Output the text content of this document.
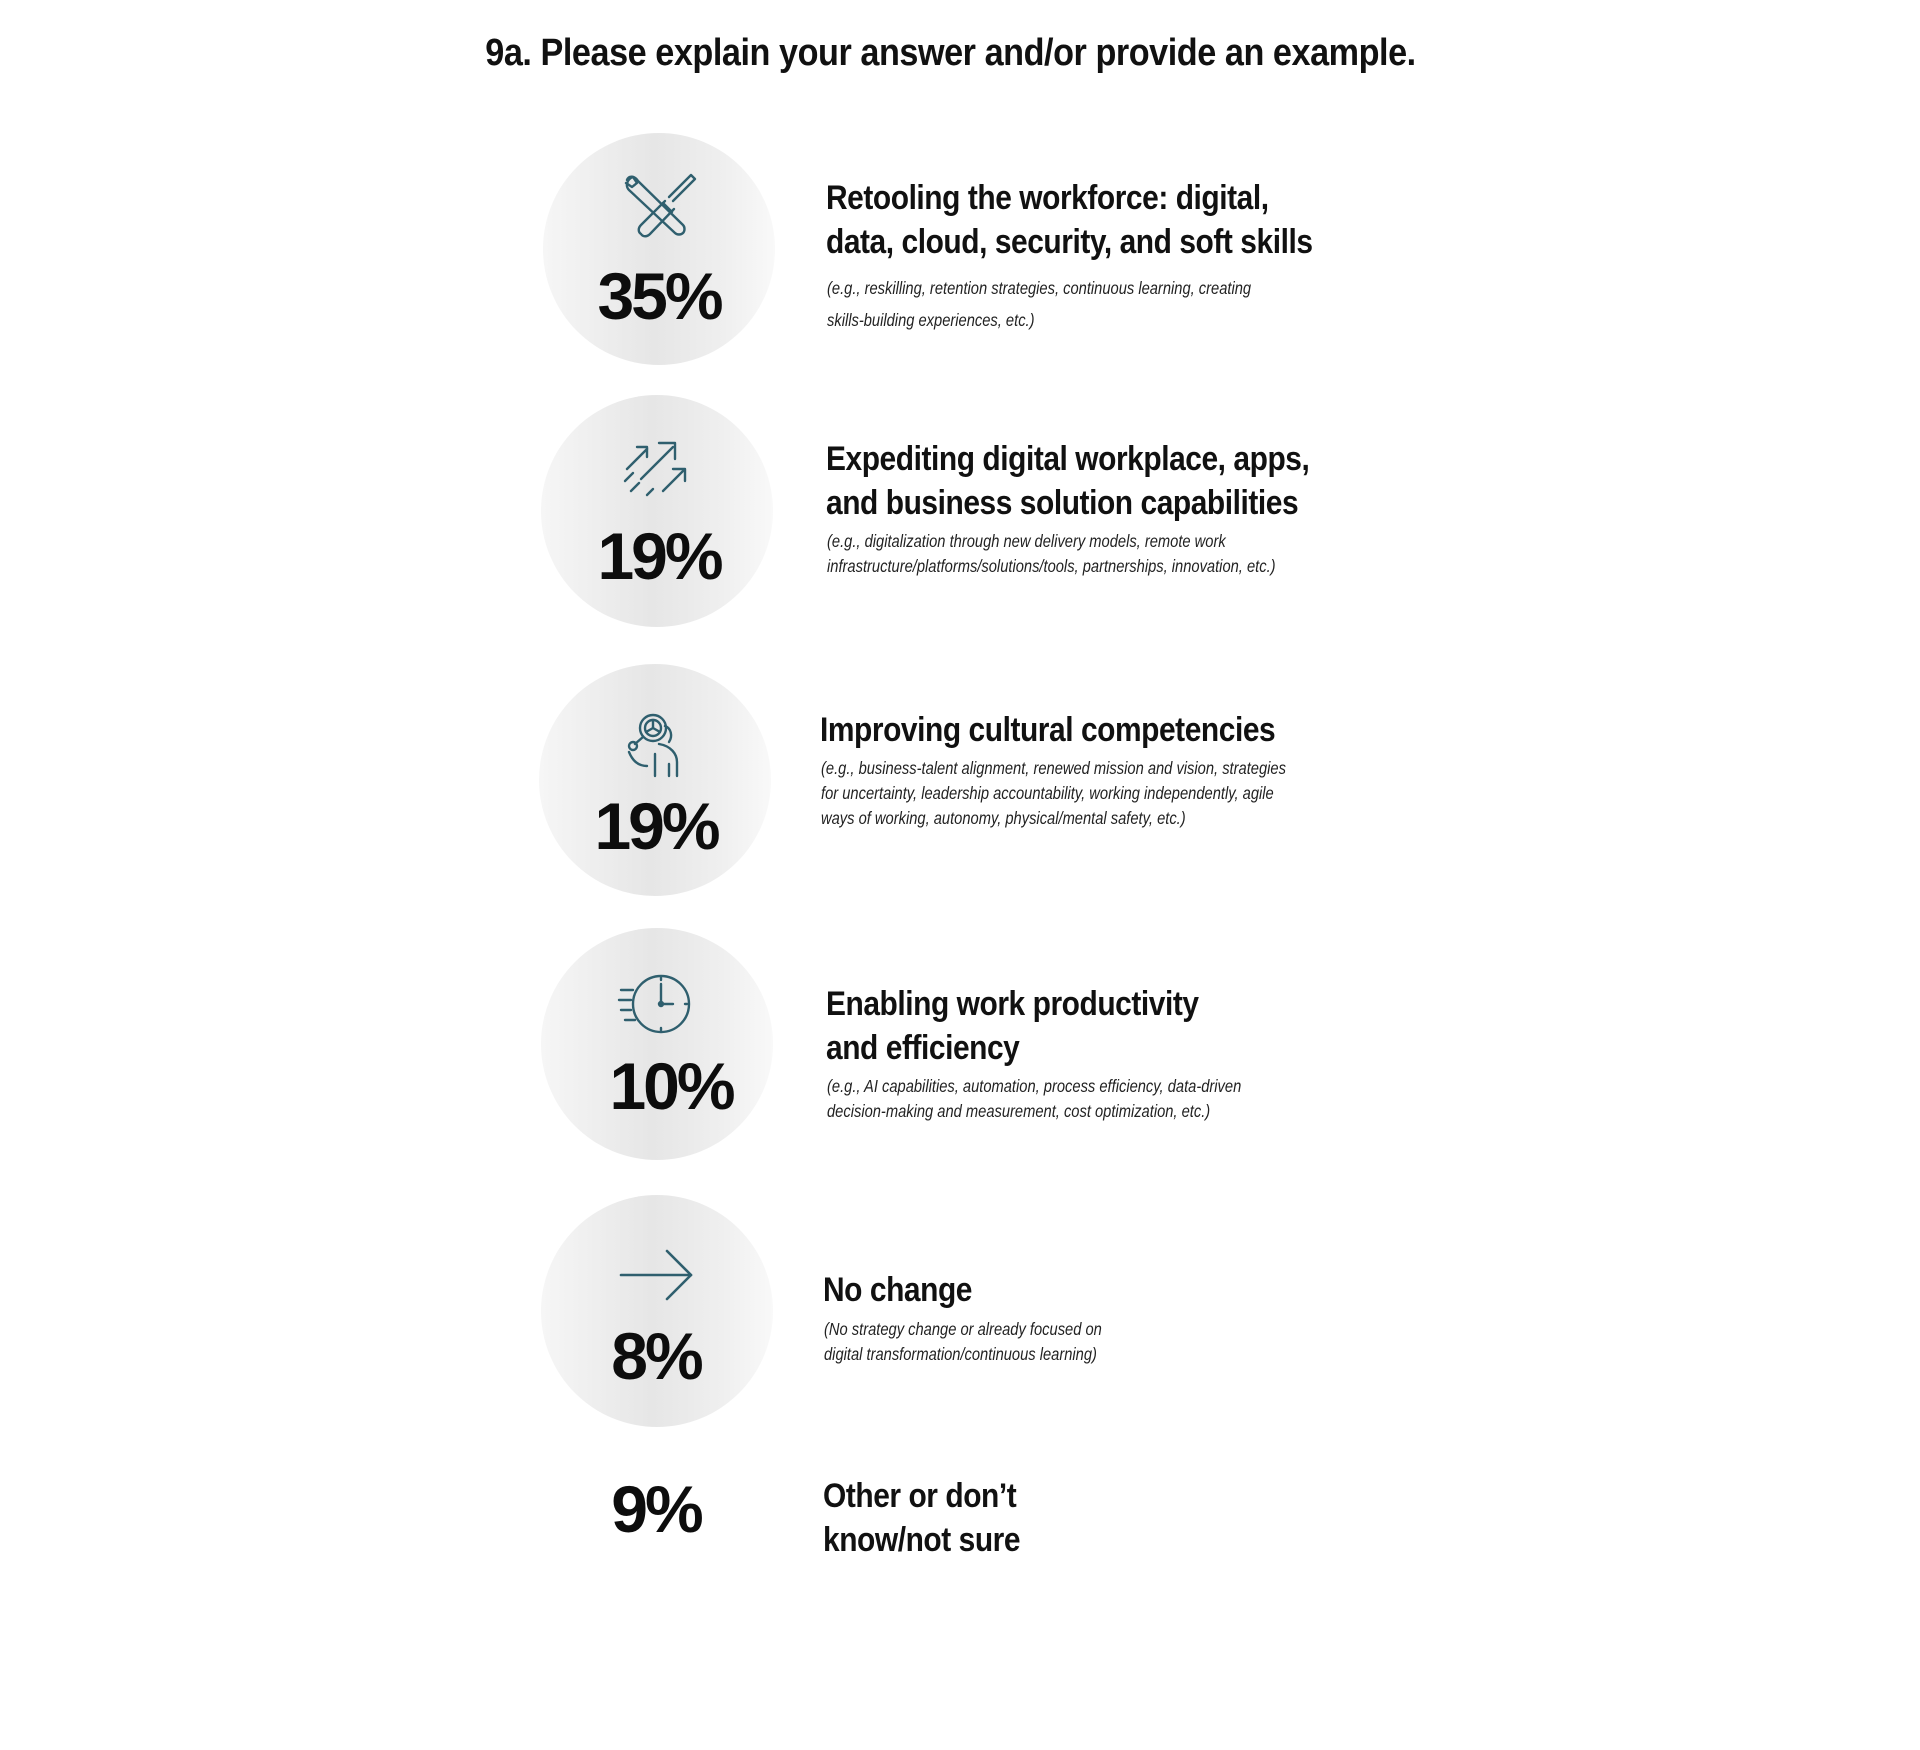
9a. Please explain your answer and/or provide an example.
35%
Retooling the workforce: digital,
data, cloud, security, and soft skills
(e.g., reskilling, retention strategies, continuous learning, creating
skills-building experiences, etc.)
19%
Expediting digital workplace, apps,
and business solution capabilities
(e.g., digitalization through new delivery models, remote work
infrastructure/platforms/solutions/tools, partnerships, innovation, etc.)
19%
Improving cultural competencies
(e.g., business-talent alignment, renewed mission and vision, strategies
for uncertainty, leadership accountability, working independently, agile
ways of working, autonomy, physical/mental safety, etc.)
10%
Enabling work productivity
and efficiency
(e.g., AI capabilities, automation, process efficiency, data-driven
decision-making and measurement, cost optimization, etc.)
8%
No change
(No strategy change or already focused on
digital transformation/continuous learning)
9%	Other or don’t
know/not sure
